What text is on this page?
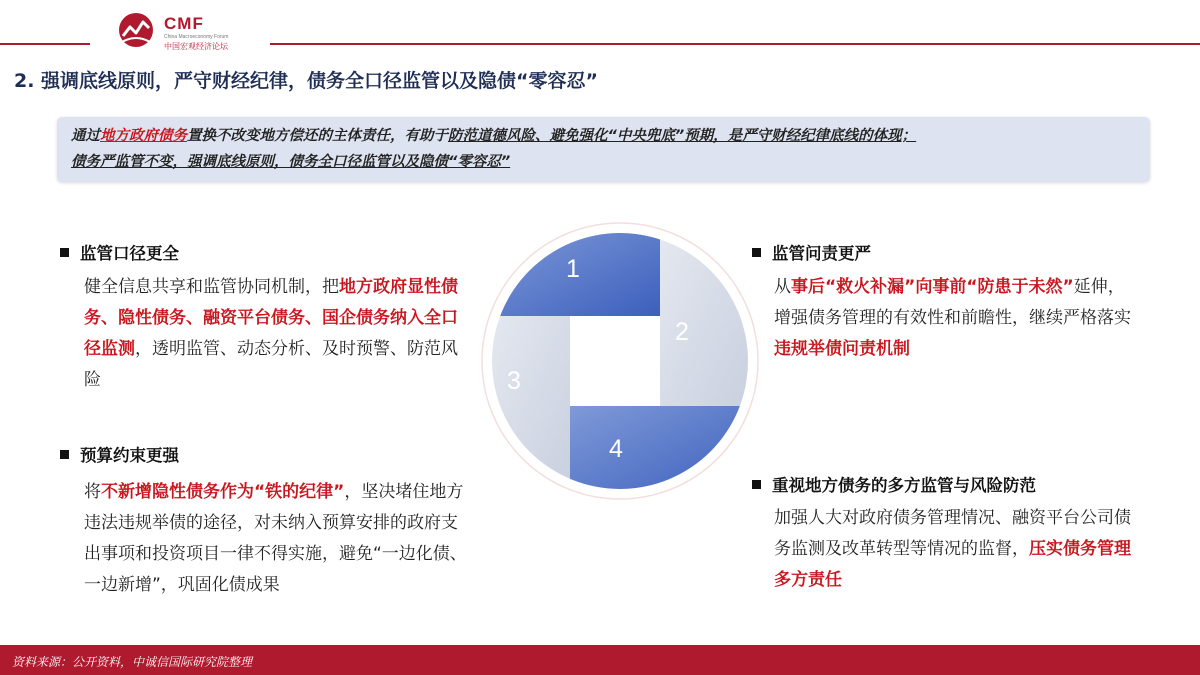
CMF
China Macroeconomy Forum
中国宏观经济论坛
2. 强调底线原则，严守财经纪律，债务全口径监管以及隐债“零容忍”
通过地方政府债务置换不改变地方偿还的主体责任，有助于防范道德风险、避免强化“中央兜底”预期，是严守财经纪律底线的体现；
债务严监管不变，强调底线原则，债务全口径监管以及隐债“零容忍”
监管口径更全
健全信息共享和监管协同机制，把地方政府显性债务、隐性债务、融资平台债务、国企债务纳入全口径监测，透明监管、动态分析、及时预警、防范风险
预算约束更强
将不新增隐性债务作为“铁的纪律”，坚决堵住地方违法违规举债的途径，对未纳入预算安排的政府支出事项和投资项目一律不得实施，避免“一边化债、一边新增”，巩固化债成果
监管问责更严
从事后“救火补漏”向事前“防患于未然”延伸，增强债务管理的有效性和前瞻性，继续严格落实违规举债问责机制
重视地方债务的多方监管与风险防范
加强人大对政府债务管理情况、融资平台公司债务监测及改革转型等情况的监督，压实债务管理多方责任
1
2
3
4
资料来源：公开资料，中诚信国际研究院整理
